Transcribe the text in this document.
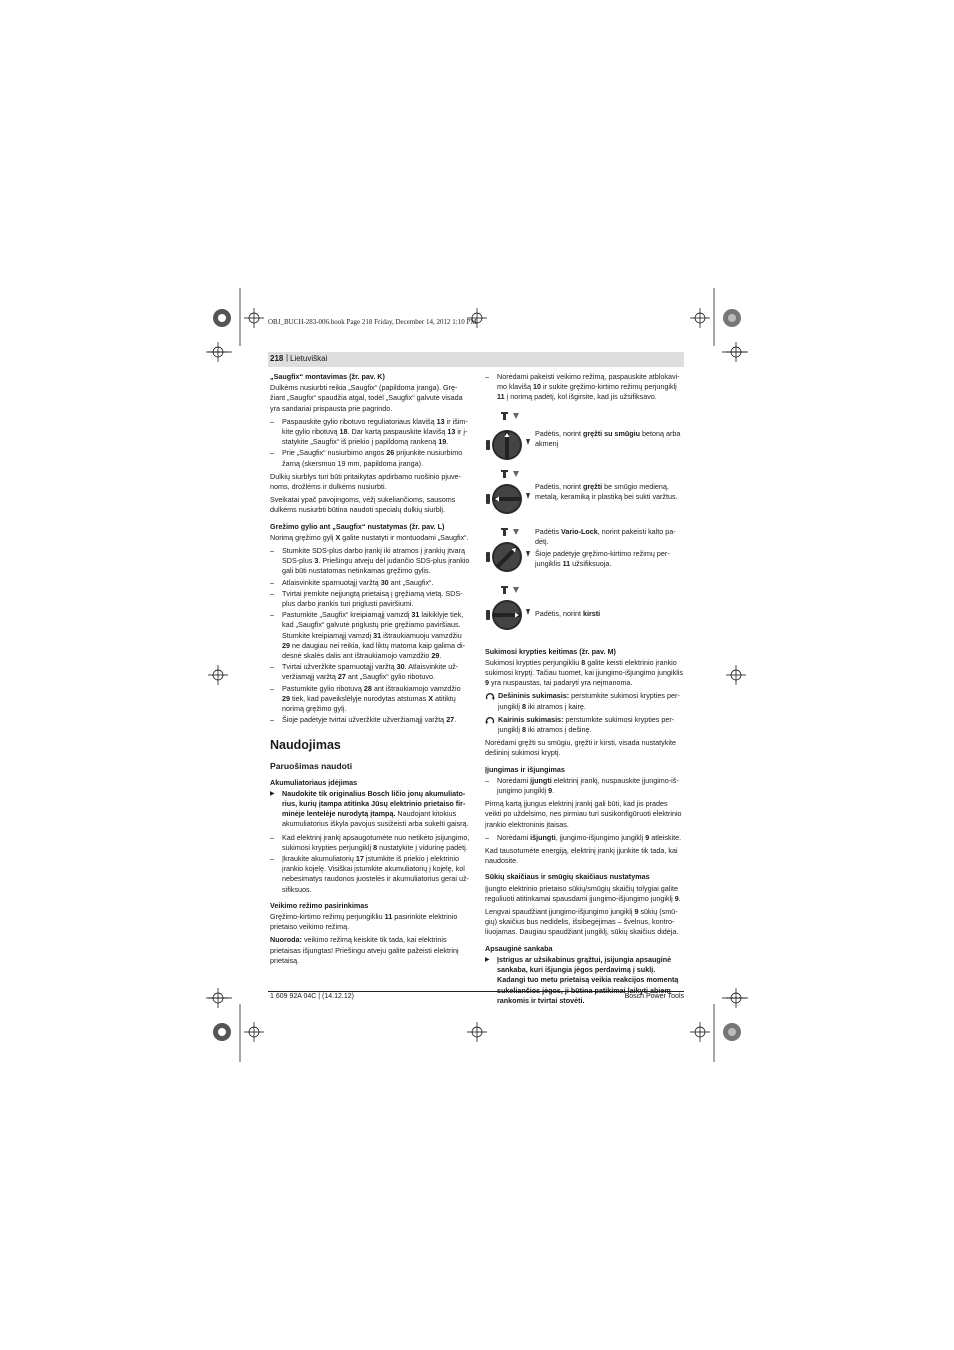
OBJ_BUCH-283-006.book Page 218 Friday, December 14, 2012 1:10 PM
218 | Lietuviškai
„Saugfix“ montavimas (žr. pav. K)

Dulkėms nusiurbti reikia „Saugfix“ (papildoma įranga). Gręžiant „Saugfix“ spaudžia atgal, todėl „Saugfix“ galvutė visada yra sandariai prispausta prie pagrindo.

– Paspauskite gylio ribotuvo reguliatoriaus klavišą 13 ir išimkite gylio ribotuvą 18. Dar kartą paspauskite klavišą 13 ir įstatykite „Saugfix“ iš priekio į papildomą rankeną 19.
– Prie „Saugfix“ nusiurbimo angos 26 prijunkite nusiurbimo žarną (skersmuo 19 mm, papildoma įranga).

Dulkių siurblys turi būti pritaikytas apdirbamo ruošinio pjuvenoms, drožlėms ir dulkėms nusiurbti.

Sveikatai ypač pavojingoms, vėžį sukeliančioms, sausoms dulkėms nusiurbti būtina naudoti specialų dulkių siurblį.

Grežimo gylio ant „Saugfix“ nustatymas (žr. pav. L)

Norimą gręžimo gylį X galite nustatyti ir montuodami „Saugfix“.

– Stumkite SDS-plus darbo įrankį iki atramos į įrankių įtvarą SDS-plus 3. Priešingu atveju dėl judančio SDS-plus įrankio gali būti nustatomas netinkamas gręžimo gylis.
– Atlaisvinkite sparnuotąjį varžtą 30 ant „Saugfix“.
– Tvirtai įremkite neįjungtą prietaisą į gręžiamą vietą. SDS-plus darbo įrankis turi priglusti paviršiumi.
– Pastumkite „Saugfix“ kreipiamąjį vamzdį 31 laikiklyje tiek, kad „Saugfix“ galvutė priglustų prie gręžiamo paviršiaus. Stumkite kreipiamąjį vamzdį 31 ištraukiamuoju vamzdžiu 29 ne daugiau nei reikia, kad liktų matoma kaip galima didesnė skalės dalis ant ištraukiamojo vamzdžio 29.
– Tvirtai užveržkite sparnuotąjį varžtą 30. Atlaisvinkite užveržiamąjį varžtą 27 ant „Saugfix“ gylio ribotuvo.
– Pastumkite gylio ribotuvą 28 ant ištraukiamojo vamzdžio 29 tiek, kad paveikslėlyje nurodytas atstumas X atitiktų norimą gręžimo gylį.
– Šioje padėtyje tvirtai užveržkite užveržiamąjį varžtą 27.
Naudojimas
Paruošimas naudoti
Akumuliatoriaus įdėjimas
▶ Naudokite tik originalius Bosch ličio jonų akumuliatorius, kurių įtampa atitinka Jūsų elektrinio prietaiso firminėje lentelėje nurodytą įtampą. Naudojant kitokius akumuliatorius iškyla pavojus susižeisti arba sukelti gaisrą.
– Kad elektrinį įrankį apsaugotumėte nuo netikėto įsijungimo, sukimosi krypties perjungiklį 8 nustatykite į vidurinę padėtį.
– Įkraukite akumuliatorių 17 įstumkite iš priekio į elektrinio įrankio kojelę. Visiškai įstumkite akumuliatorių į kojelę, kol nebesimatys raudonos juostelės ir akumuliatorius gerai užsifiksuos.
Veikimo režimo pasirinkimas

Gręžimo-kirtimo režimų perjungikliu 11 pasirinkite elektrinio prietaiso veikimo režimą.

Nuoroda: veikimo režimą keiskite tik tada, kai elektrinis prietaisas išjungtas! Priešingu atveju galite pažeisti elektrinį prietaisą.

– Norėdami pakeisti veikimo režimą, paspauskite atblokavimo klavišą 10 ir sukite gręžimo-kirtimo režimų perjungiklį 11 į norimą padėtį, kol išgirsite, kad jis užsifiksavo.
Padėtis, norint gręžti su smūgiu betoną arba akmenį
Padėtis, norint gręžti be smūgio medieną, metalą, keramiką ir plastiką bei sukti varžtus.
Padėtis Vario-Lock, norint pakeisti kalto padėtį.
Šioje padėtyje gręžimo-kirtimo režimų perjungiklis 11 užsifiksuoja.
Padėtis, norint kirsti
Sukimosi krypties keitimas (žr. pav. M)

Sukimosi krypties perjungikliu 8 galite keisti elektrinio įrankio sukimosi kryptį. Tačiau tuomet, kai įjungimo-išjungimo jungiklis 9 yra nuspaustas, tai padaryti yra neįmanoma.

Dešininis sukimasis: perstumkite sukimosi krypties perjungiklį 8 iki atramos į kairę.
Kairinis sukimasis: perstumkite sukimosi krypties perjungiklį 8 iki atramos į dešinę.

Norėdami gręžti su smūgiu, gręžti ir kirsti, visada nustatykite dešininį sukimosi kryptį.

Įjungimas ir išjungimas
– Norėdami įjungti elektrinį įrankį, nuspauskite įjungimo-išjungimo jungiklį 9.

Pirmą kartą įjungus elektrinį įrankį gali būti, kad jis prades veikti po uždelsimo, nes pirmiau turi susikonfigūruoti elektrinio įrankio elektroninis įtaisas.

– Norėdami išjungti, įjungimo-išjungimo jungiklį 9 atleiskite.

Kad tausotumėte energiją, elektrinį įrankį įjunkite tik tada, kai naudosite.

Sūkių skaičiaus ir smūgių skaičiaus nustatymas

Įjungto elektrinio prietaiso sūkių/smūgių skaičių tolygiai galite reguliuoti atitinkamai spausdami įjungimo-išjungimo jungiklį 9.

Lengvai spaudžiant įjungimo-išjungimo jungiklį 9 sūkių (smūgių) skaičius bus nedidelis, išsibegėjimas – švelnus, kontroliuojamas. Daugiau spaudžiant jungiklį, sūkių skaičius didėja.

Apsauginė sankaba
▶ Įstrigus ar užsikabinus grąžtui, įsijungia apsauginė sankaba, kuri išjungia jėgos perdavimą į suklį. Kadangi tuo metu prietaisą veikia reakcijos momentą sukeliančios jėgos, ji būtina patikimai laikyti abiem rankomis ir tvirtai stovėti.
1 609 92A 04C | (14.12.12)	Bosch Power Tools
